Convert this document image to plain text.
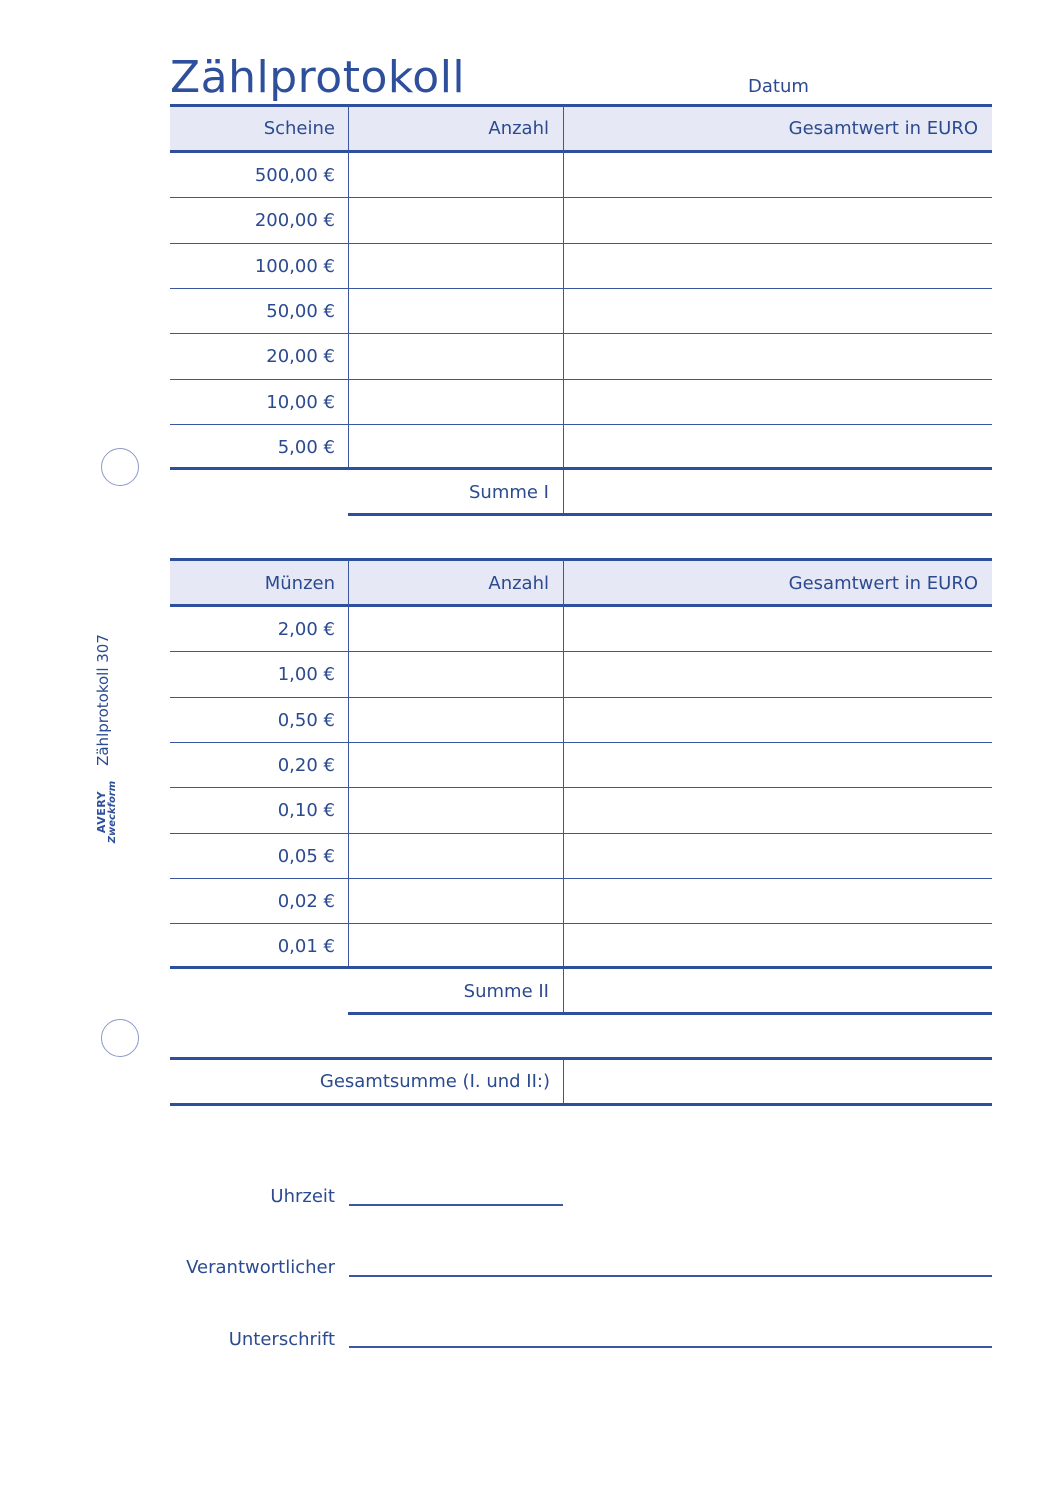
Zählprotokoll	Datum
Zählprotokoll 307
AVERY Zweckform
Scheine	Anzahl	Gesamtwert in EURO
500,00 €
200,00 €
100,00 €
50,00 €
20,00 €
10,00 €
5,00 €
Summe I
Münzen	Anzahl	Gesamtwert in EURO
2,00 €
1,00 €
0,50 €
0,20 €
0,10 €
0,05 €
0,02 €
0,01 €
Summe II
Gesamtsumme (I. und II:)
Uhrzeit
Verantwortlicher
Unterschrift
